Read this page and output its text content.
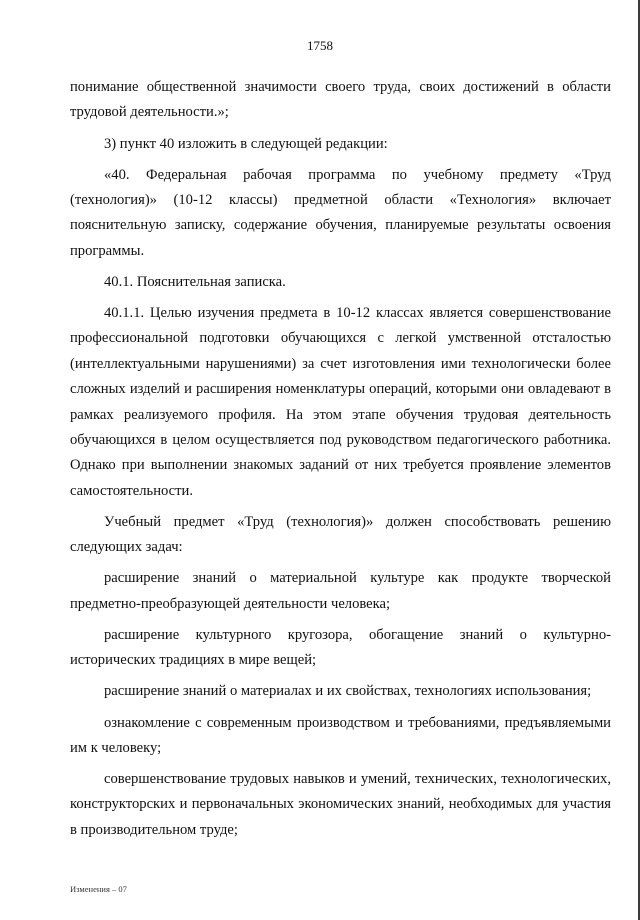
1758

понимание общественной значимости своего труда, своих достижений в области трудовой деятельности.»;

3) пункт 40 изложить в следующей редакции:

«40. Федеральная рабочая программа по учебному предмету «Труд (технология)» (10-12 классы) предметной области «Технология» включает пояснительную записку, содержание обучения, планируемые результаты освоения программы.

40.1. Пояснительная записка.

40.1.1. Целью изучения предмета в 10-12 классах является совершенствование профессиональной подготовки обучающихся с легкой умственной отсталостью (интеллектуальными нарушениями) за счет изготовления ими технологически более сложных изделий и расширения номенклатуры операций, которыми они овладевают в рамках реализуемого профиля. На этом этапе обучения трудовая деятельность обучающихся в целом осуществляется под руководством педагогического работника. Однако при выполнении знакомых заданий от них требуется проявление элементов самостоятельности.

Учебный предмет «Труд (технология)» должен способствовать решению следующих задач:

расширение знаний о материальной культуре как продукте творческой предметно-преобразующей деятельности человека;

расширение культурного кругозора, обогащение знаний о культурно-исторических традициях в мире вещей;

расширение знаний о материалах и их свойствах, технологиях использования;

ознакомление с современным производством и требованиями, предъявляемыми им к человеку;

совершенствование трудовых навыков и умений, технических, технологических, конструкторских и первоначальных экономических знаний, необходимых для участия в производительном труде;

Изменения – 07
